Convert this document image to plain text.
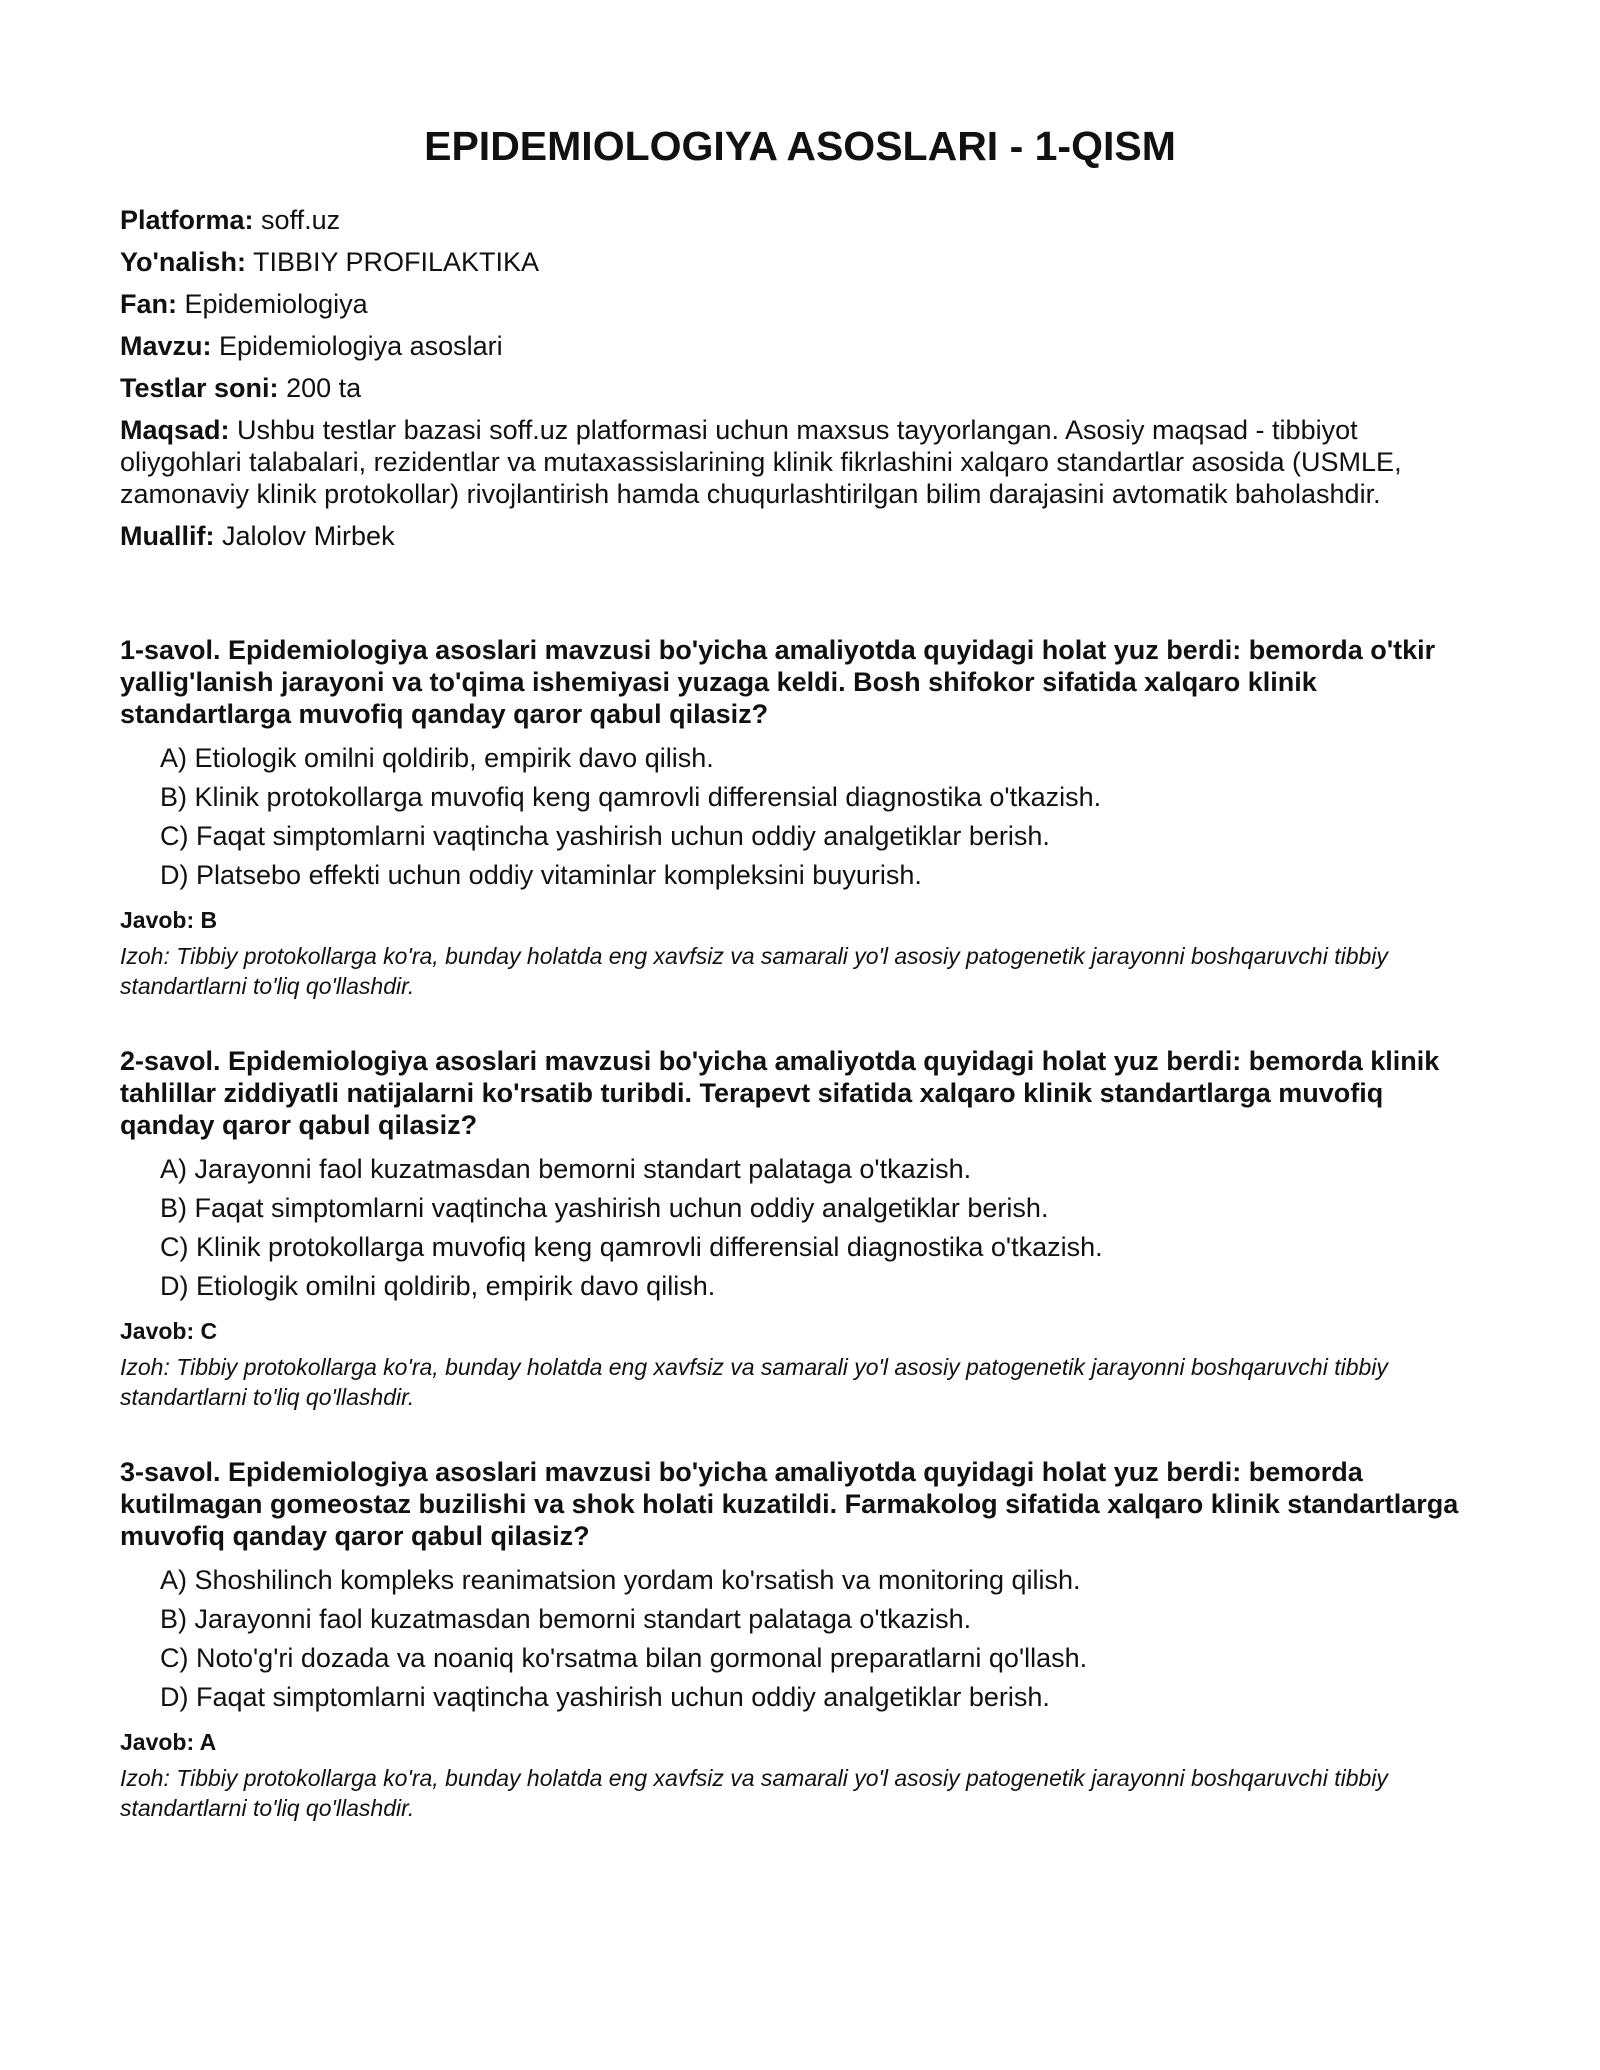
EPIDEMIOLOGIYA ASOSLARI - 1-QISM
Platforma: soff.uz
Yo'nalish: TIBBIY PROFILAKTIKA
Fan: Epidemiologiya
Mavzu: Epidemiologiya asoslari
Testlar soni: 200 ta
Maqsad: Ushbu testlar bazasi soff.uz platformasi uchun maxsus tayyorlangan. Asosiy maqsad - tibbiyot oliygohlari talabalari, rezidentlar va mutaxassislarining klinik fikrlashini xalqaro standartlar asosida (USMLE, zamonaviy klinik protokollar) rivojlantirish hamda chuqurlashtirilgan bilim darajasini avtomatik baholashdir.
Muallif: Jalolov Mirbek

1-savol. Epidemiologiya asoslari mavzusi bo'yicha amaliyotda quyidagi holat yuz berdi: bemorda o'tkir yallig'lanish jarayoni va to'qima ishemiyasi yuzaga keldi. Bosh shifokor sifatida xalqaro klinik standartlarga muvofiq qanday qaror qabul qilasiz?

A) Etiologik omilni qoldirib, empirik davo qilish.
B) Klinik protokollarga muvofiq keng qamrovli differensial diagnostika o'tkazish.
C) Faqat simptomlarni vaqtincha yashirish uchun oddiy analgetiklar berish.
D) Platsebo effekti uchun oddiy vitaminlar kompleksini buyurish.
Javob: B

Izoh: Tibbiy protokollarga ko'ra, bunday holatda eng xavfsiz va samarali yo'l asosiy patogenetik jarayonni boshqaruvchi tibbiy standartlarni to'liq qo'llashdir.

2-savol. Epidemiologiya asoslari mavzusi bo'yicha amaliyotda quyidagi holat yuz berdi: bemorda klinik tahlillar ziddiyatli natijalarni ko'rsatib turibdi. Terapevt sifatida xalqaro klinik standartlarga muvofiq qanday qaror qabul qilasiz?

A) Jarayonni faol kuzatmasdan bemorni standart palataga o'tkazish.
B) Faqat simptomlarni vaqtincha yashirish uchun oddiy analgetiklar berish.
C) Klinik protokollarga muvofiq keng qamrovli differensial diagnostika o'tkazish.
D) Etiologik omilni qoldirib, empirik davo qilish.
Javob: C

Izoh: Tibbiy protokollarga ko'ra, bunday holatda eng xavfsiz va samarali yo'l asosiy patogenetik jarayonni boshqaruvchi tibbiy standartlarni to'liq qo'llashdir.

3-savol. Epidemiologiya asoslari mavzusi bo'yicha amaliyotda quyidagi holat yuz berdi: bemorda kutilmagan gomeostaz buzilishi va shok holati kuzatildi. Farmakolog sifatida xalqaro klinik standartlarga muvofiq qanday qaror qabul qilasiz?

A) Shoshilinch kompleks reanimatsion yordam ko'rsatish va monitoring qilish.
B) Jarayonni faol kuzatmasdan bemorni standart palataga o'tkazish.
C) Noto'g'ri dozada va noaniq ko'rsatma bilan gormonal preparatlarni qo'llash.
D) Faqat simptomlarni vaqtincha yashirish uchun oddiy analgetiklar berish.
Javob: A

Izoh: Tibbiy protokollarga ko'ra, bunday holatda eng xavfsiz va samarali yo'l asosiy patogenetik jarayonni boshqaruvchi tibbiy standartlarni to'liq qo'llashdir.
